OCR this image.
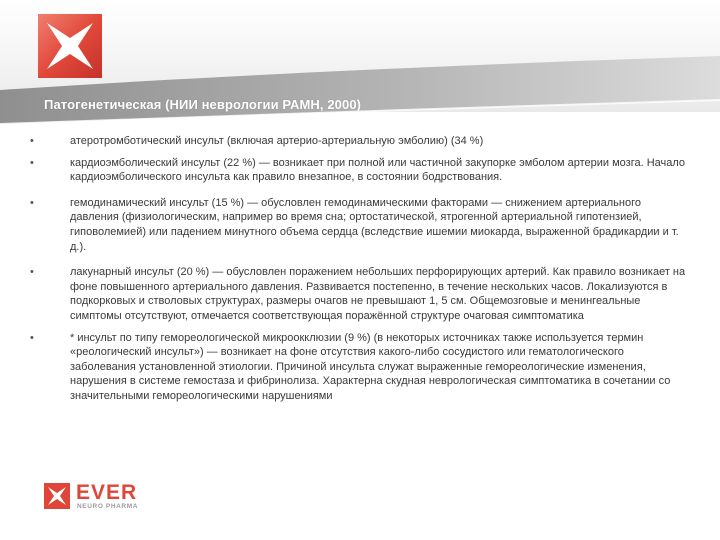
Патогенетическая (НИИ неврологии РАМН, 2000)
•	атеротромботический инсульт (включая артерио-артериальную эмболию) (34 %)
•	кардиоэмболический инсульт (22 %) — возникает при полной или частичной закупорке эмболом артерии мозга. Начало кардиоэмболического инсульта как правило внезапное, в состоянии бодрствования.
•	гемодинамический инсульт (15 %) — обусловлен гемодинамическими факторами — снижением артериального давления (физиологическим, например во время сна; ортостатической, ятрогенной артериальной гипотензией, гиповолемией) или падением минутного объема сердца (вследствие ишемии миокарда, выраженной брадикардии и т. д.).
•	лакунарный инсульт (20 %) — обусловлен поражением небольших перфорирующих артерий. Как правило возникает на фоне повышенного артериального давления. Развивается постепенно, в течение нескольких часов. Локализуются в подкорковых и стволовых структурах, размеры очагов не превышают 1, 5 см. Общемозговые и менингеальные симптомы отсутствуют, отмечается соответствующая поражённой структуре очаговая симптоматика
•	* инсульт по типу гемореологической микроокклюзии (9 %) (в некоторых источниках также используется термин «реологический инсульт») — возникает на фоне отсутствия какого-либо сосудистого или гематологического заболевания установленной этиологии. Причиной инсульта служат выраженные гемореологические изменения, нарушения в системе гемостаза и фибринолиза. Характерна скудная неврологическая симптоматика в сочетании со значительными гемореологическими нарушениями
EVER
NEURO PHARMA
